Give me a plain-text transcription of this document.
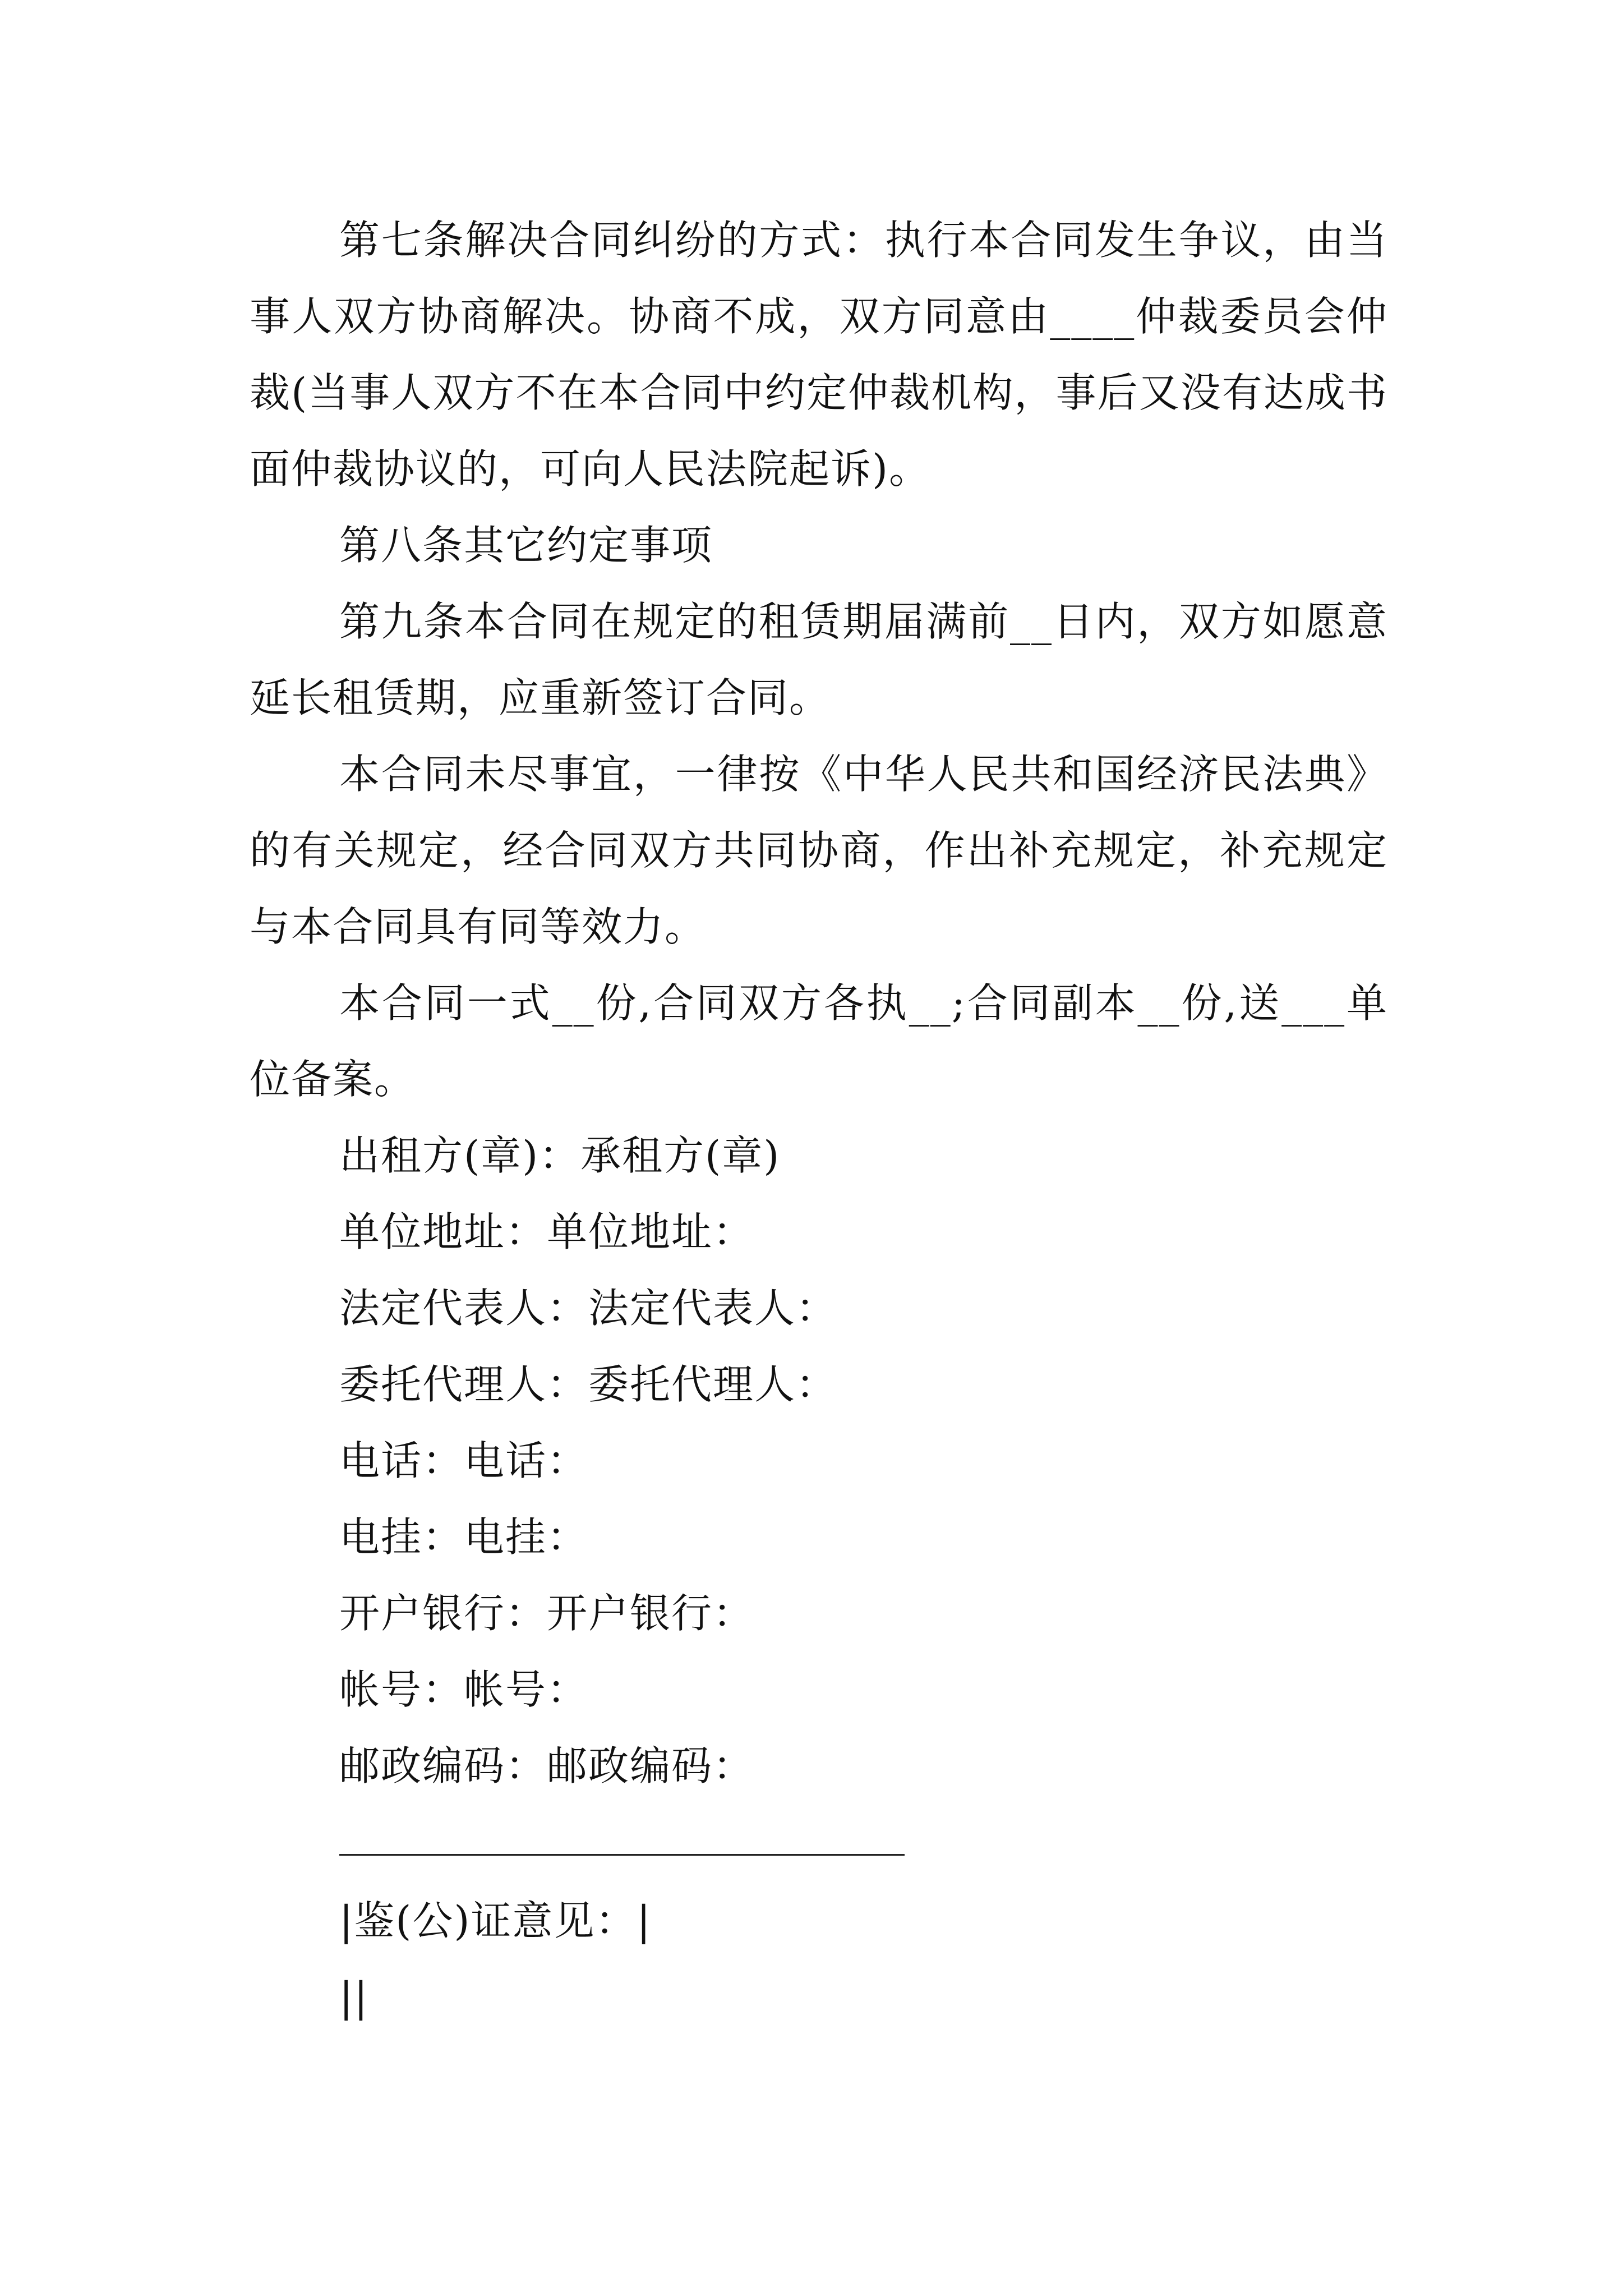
第七条解决合同纠纷的方式：执行本合同发生争议，由当事人双方协商解决。协商不成，双方同意由____仲裁委员会仲裁(当事人双方不在本合同中约定仲裁机构，事后又没有达成书面仲裁协议的，可向人民法院起诉)。

第八条其它约定事项

第九条本合同在规定的租赁期届满前__日内，双方如愿意延长租赁期，应重新签订合同。

本合同未尽事宜，一律按《中华人民共和国经济民法典》的有关规定，经合同双方共同协商，作出补充规定，补充规定与本合同具有同等效力。

本合同一式__份,合同双方各执__;合同副本__份,送___单位备案。

出租方(章)：承租方(章)

单位地址：单位地址：

法定代表人：法定代表人：

委托代理人：委托代理人：

电话：电话：

电挂：电挂：

开户银行：开户银行：

帐号：帐号：

邮政编码：邮政编码：

____________________________

|鉴(公)证意见：|

||
